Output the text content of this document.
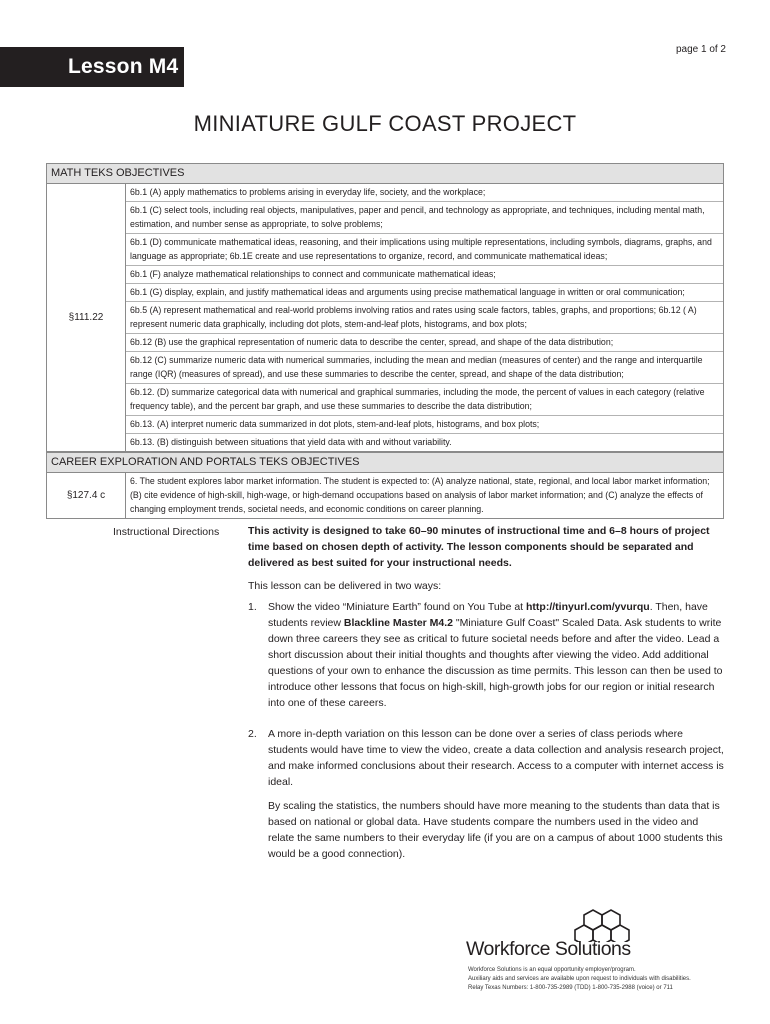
Lesson M4
page 1 of 2
MINIATURE GULF COAST PROJECT
MATH TEKS OBJECTIVES
§111.22
6b.1 (A) apply mathematics to problems arising in everyday life, society, and the workplace;
6b.1 (C) select tools, including real objects, manipulatives, paper and pencil, and technology as appropriate, and techniques, including mental math, estimation, and number sense as appropriate, to solve problems;
6b.1 (D) communicate mathematical ideas, reasoning, and their implications using multiple representations, including symbols, diagrams, graphs, and language as appropriate; 6b.1E create and use representations to organize, record, and communicate mathematical ideas;
6b.1 (F) analyze mathematical relationships to connect and communicate mathematical ideas;
6b.1 (G) display, explain, and justify mathematical ideas and arguments using precise mathematical language in written or oral communication;
6b.5 (A) represent mathematical and real-world problems involving ratios and rates using scale factors, tables, graphs, and proportions; 6b.12 ( A) represent numeric data graphically, including dot plots, stem-and-leaf plots, histograms, and box plots;
6b.12 (B) use the graphical representation of numeric data to describe the center, spread, and shape of the data distribution;
6b.12 (C) summarize numeric data with numerical summaries, including the mean and median (measures of center) and the range and interquartile range (IQR) (measures of spread), and use these summaries to describe the center, spread, and shape of the data distribution;
6b.12. (D) summarize categorical data with numerical and graphical summaries, including the mode, the percent of values in each category (relative frequency table), and the percent bar graph, and use these summaries to describe the data distribution;
6b.13. (A) interpret numeric data summarized in dot plots, stem-and-leaf plots, histograms, and box plots;
6b.13. (B) distinguish between situations that yield data with and without variability.
CAREER EXPLORATION AND PORTALS TEKS OBJECTIVES
§127.4 c
6. The student explores labor market information. The student is expected to: (A) analyze national, state, regional, and local labor market information; (B) cite evidence of high-skill, high-wage, or high-demand occupations based on analysis of labor market information; and (C) analyze the effects of changing employment trends, societal needs, and economic conditions on career planning.
Instructional Directions	This activity is designed to take 60–90 minutes of instructional time and 6–8 hours of project time based on chosen depth of activity. The lesson components should be separated and delivered as best suited for your instructional needs.

This lesson can be delivered in two ways:

1.	Show the video “Miniature Earth” found on You Tube at http://tinyurl.com/yvurqu. Then, have students review Blackline Master M4.2 "Miniature Gulf Coast" Scaled Data. Ask students to write down three careers they see as critical to future societal needs before and after the video. Lead a short discussion about their initial thoughts and thoughts after viewing the video. Add additional questions of your own to enhance the discussion as time permits. This lesson can then be used to introduce other lessons that focus on high-skill, high-growth jobs for our region or initial research into one of these careers.

2.	A more in-depth variation on this lesson can be done over a series of class periods where students would have time to view the video, create a data collection and analysis research project, and make informed conclusions about their research. Access to a computer with internet access is ideal.

By scaling the statistics, the numbers should have more meaning to the students than data that is based on national or global data. Have students compare the numbers used in the video and relate the same numbers to their everyday life (if you are on a campus of about 1000 students this would be a good connection).

Workforce Solutions
Workforce Solutions is an equal opportunity employer/program.
Auxiliary aids and services are available upon request to individuals with disabilities.
Relay Texas Numbers: 1-800-735-2989 (TDD) 1-800-735-2988 (voice) or 711
